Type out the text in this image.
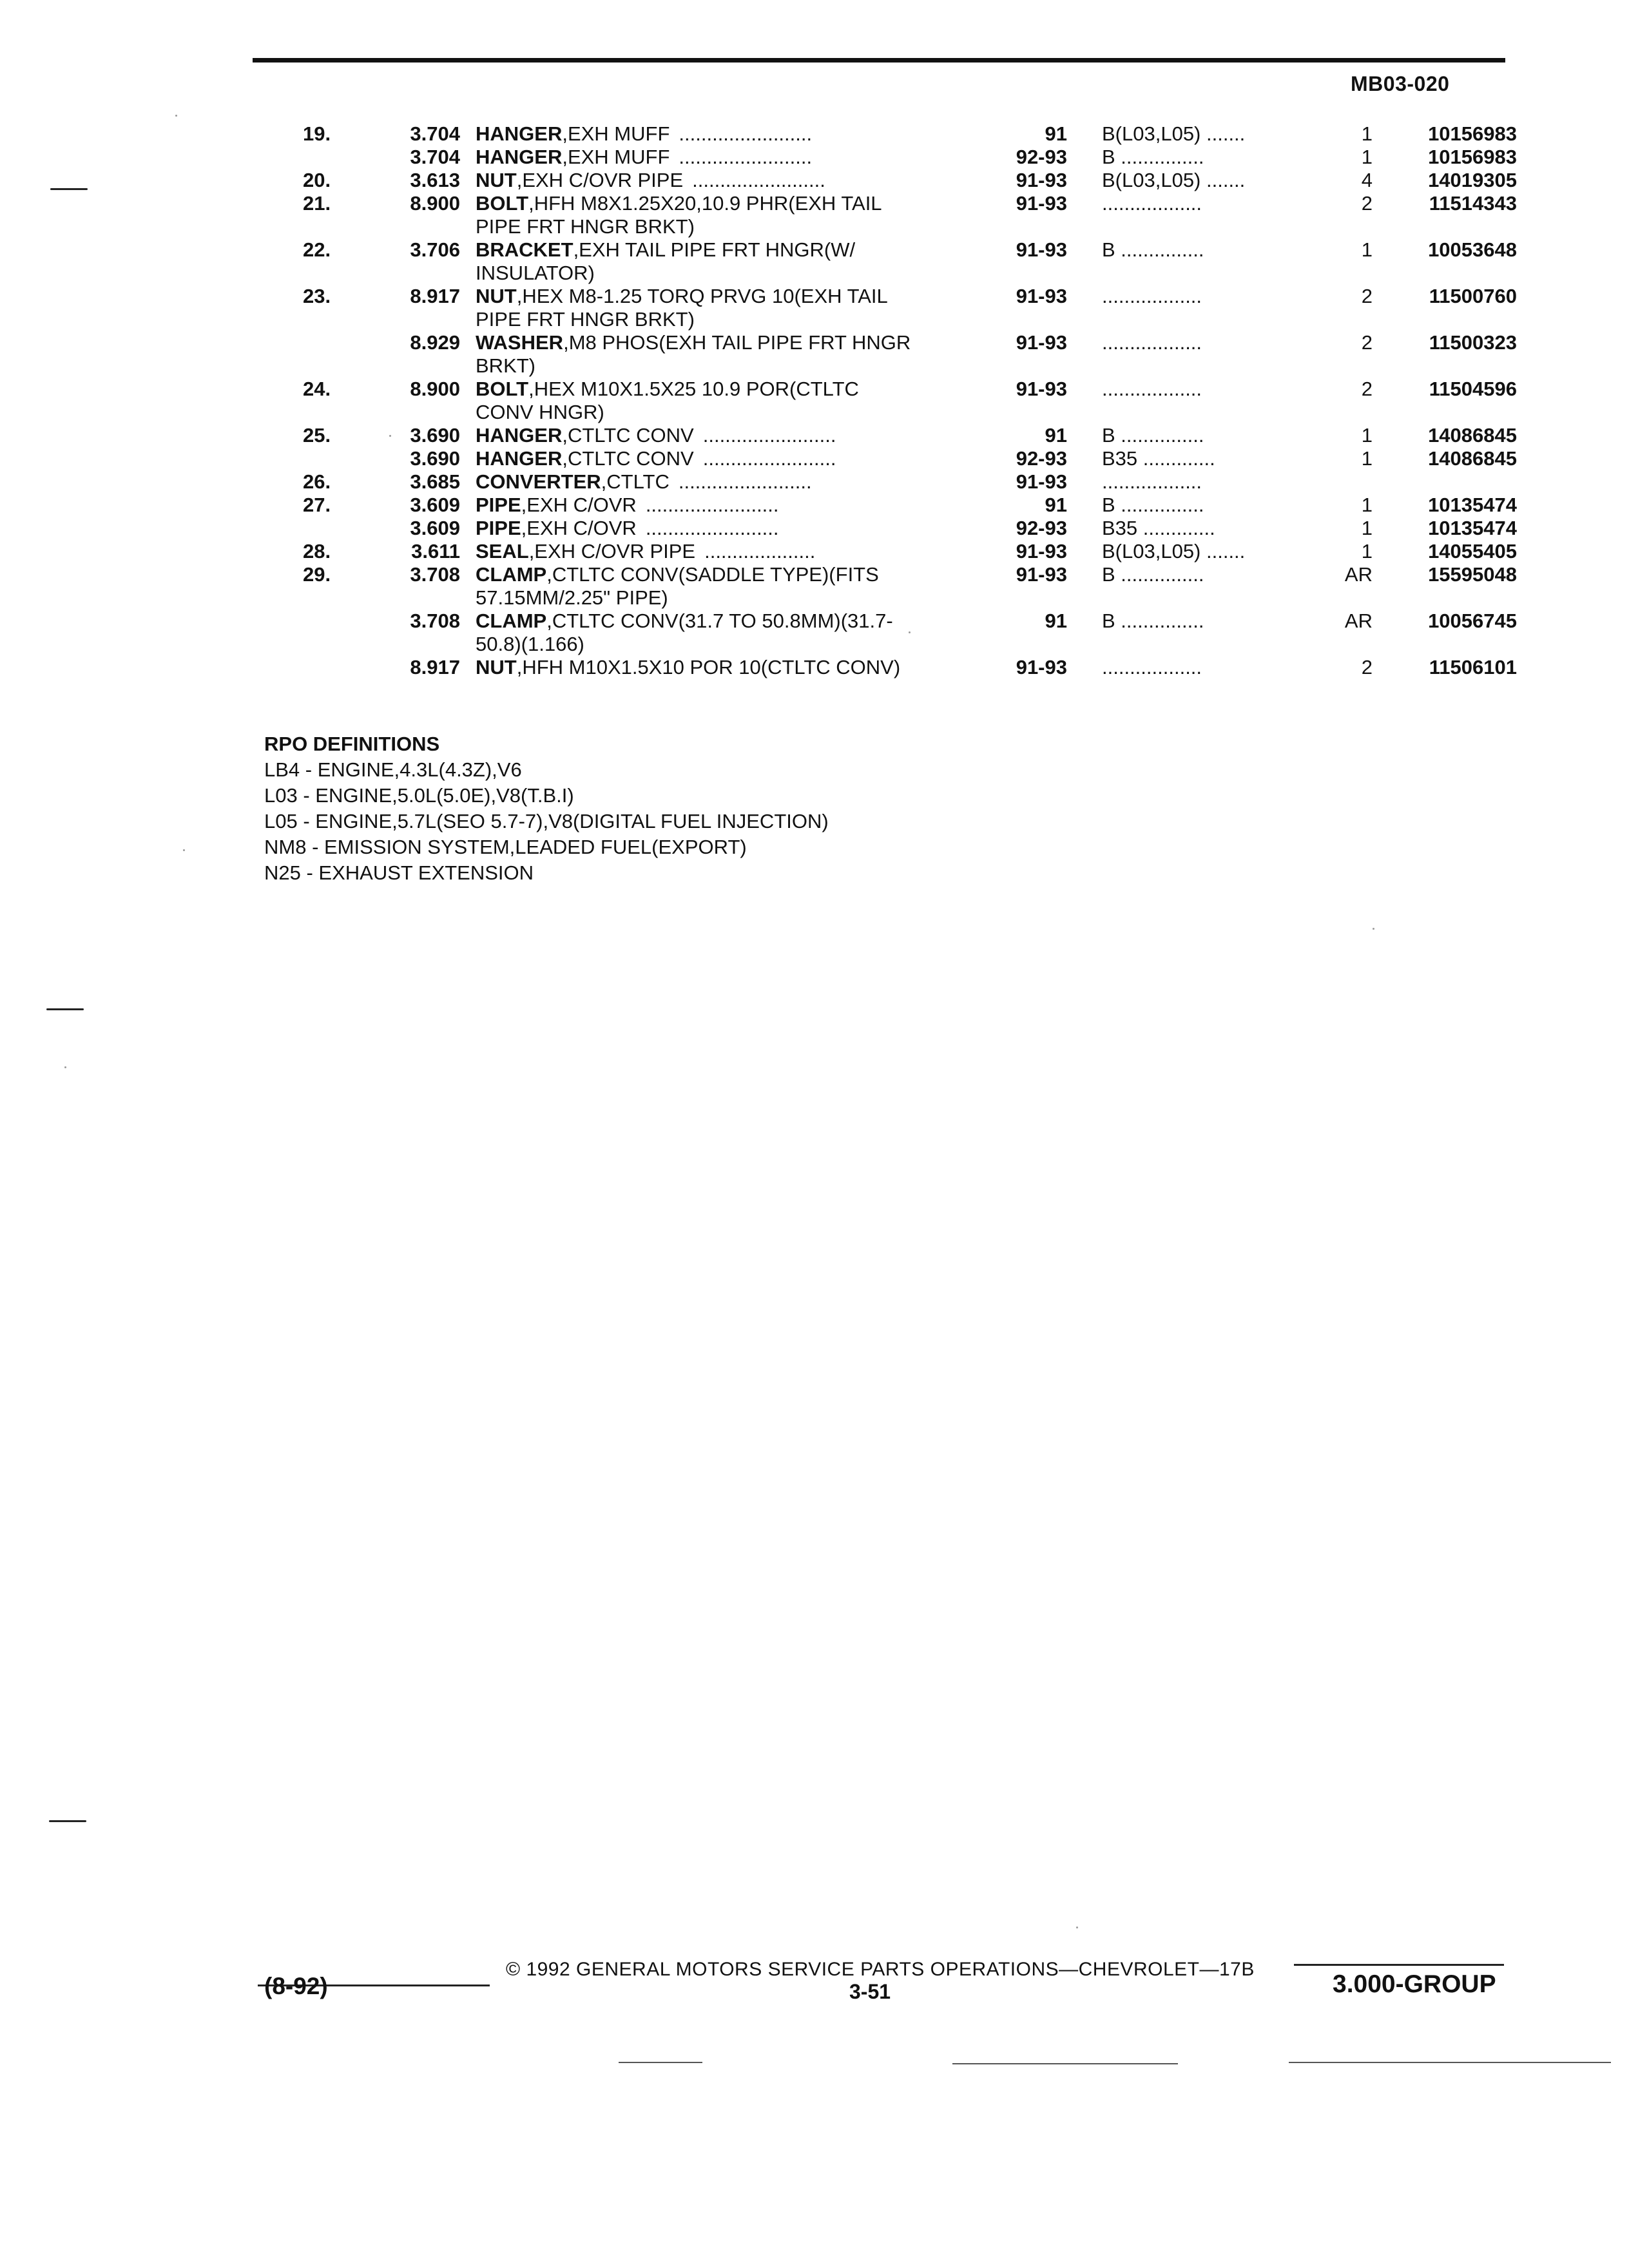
MB03-020
19.	3.704 HANGER,EXH MUFF ........................	91 B(L03,L05) .......	1	10156983
3.704 HANGER,EXH MUFF ........................	92-93 B ...............	1	10156983
20.	3.613 NUT,EXH C/OVR PIPE ........................	91-93 B(L03,L05) .......	4	14019305
21.	8.900 BOLT,HFH M8X1.25X20,10.9 PHR(EXH TAIL	91-93 ..................	2	11514343
PIPE FRT HNGR BRKT)
22.	3.706 BRACKET,EXH TAIL PIPE FRT HNGR(W/	91-93 B ...............	1	10053648
INSULATOR)
23.	8.917 NUT,HEX M8-1.25 TORQ PRVG 10(EXH TAIL	91-93 ..................	2	11500760
PIPE FRT HNGR BRKT)
8.929 WASHER,M8 PHOS(EXH TAIL PIPE FRT HNGR	91-93 ..................	2	11500323
BRKT)
24.	8.900 BOLT,HEX M10X1.5X25 10.9 POR(CTLTC	91-93 ..................	2	11504596
CONV HNGR)
25.	3.690 HANGER,CTLTC CONV ........................	91 B ...............	1	14086845
3.690 HANGER,CTLTC CONV ........................	92-93 B35 .............	1	14086845
26.	3.685 CONVERTER,CTLTC ........................	91-93 ..................
27.	3.609 PIPE,EXH C/OVR ........................	91 B ...............	1	10135474
3.609 PIPE,EXH C/OVR ........................	92-93 B35 .............	1	10135474
28.	3.611 SEAL,EXH C/OVR PIPE ....................	91-93 B(L03,L05) .......	1	14055405
29.	3.708 CLAMP,CTLTC CONV(SADDLE TYPE)(FITS	91-93 B ...............	AR	15595048
57.15MM/2.25" PIPE)
3.708 CLAMP,CTLTC CONV(31.7 TO 50.8MM)(31.7-	91 B ...............	AR	10056745
50.8)(1.166)
8.917 NUT,HFH M10X1.5X10 POR 10(CTLTC CONV)	91-93 ..................	2	11506101
RPO DEFINITIONS
LB4 - ENGINE,4.3L(4.3Z),V6
L03 - ENGINE,5.0L(5.0E),V8(T.B.I)
L05 - ENGINE,5.7L(SEO 5.7-7),V8(DIGITAL FUEL INJECTION)
NM8 - EMISSION SYSTEM,LEADED FUEL(EXPORT)
N25 - EXHAUST EXTENSION
© 1992 GENERAL MOTORS SERVICE PARTS OPERATIONS—CHEVROLET—17B
(8-92)	3-51	3.000-GROUP
